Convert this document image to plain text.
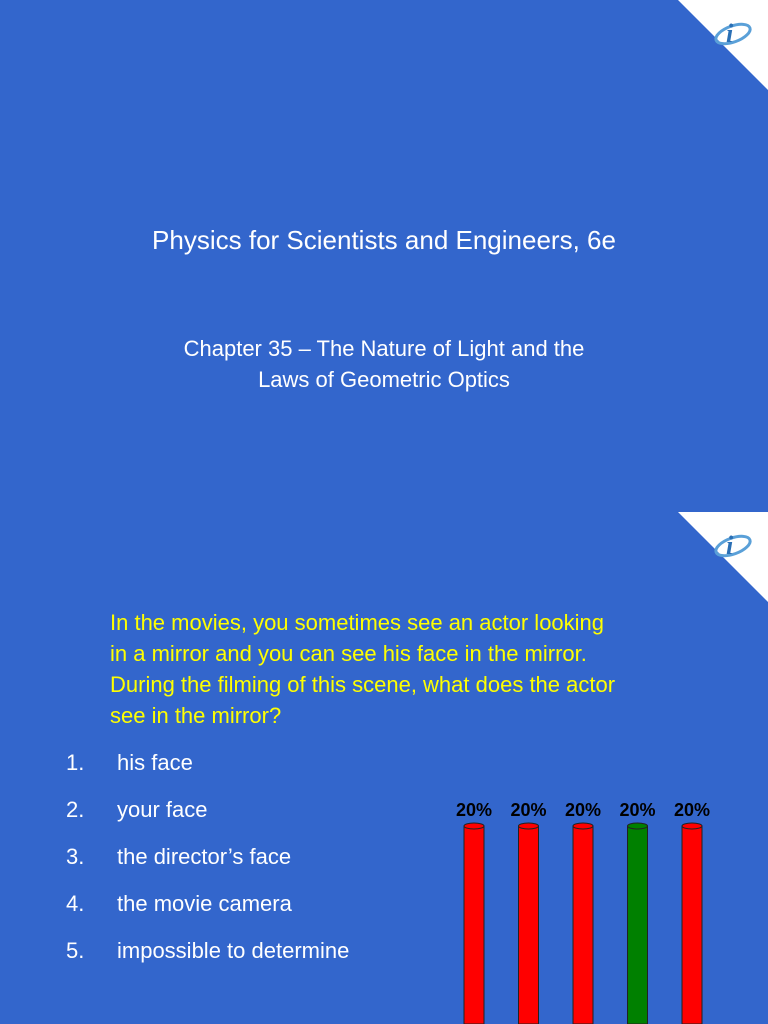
i
Physics for Scientists and Engineers, 6e
Chapter 35 – The Nature of Light and the
Laws of Geometric Optics
i
In the movies, you sometimes see an actor looking
in a mirror and you can see his face in the mirror.
During the filming of this scene, what does the actor
see in the mirror?
1. his face
2. your face
3. the director’s face
4. the movie camera
5. impossible to determine
20% 20% 20% 20% 20%
